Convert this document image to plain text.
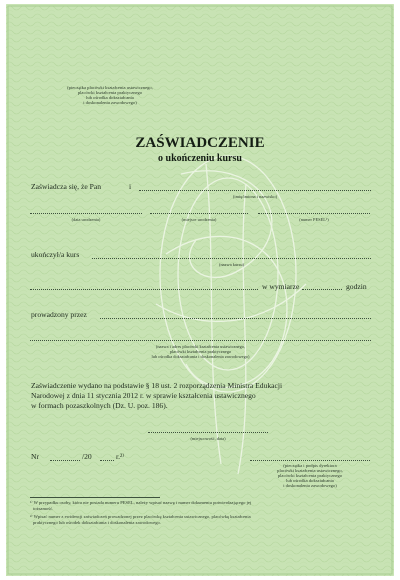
(pieczątka placówki kształcenia ustawicznego,
placówki kształcenia praktycznego
lub ośrodka dokształcania
i doskonalenia zawodowego)
ZAŚWIADCZENIE
o ukończeniu kursu
Zaświadcza się, że Pan	i
(imię/imiona i nazwisko)
(data urodzenia)	(miejsce urodzenia)	(numer PESEL¹)
ukończył/a kurs
(nazwa kursu)
w wymiarze	godzin
prowadzony przez
(nazwa i adres placówki kształcenia ustawicznego,
placówki kształcenia praktycznego
lub ośrodka dokształcania i doskonalenia zawodowego)
Zaświadczenie wydano na podstawie § 18 ust. 2 rozporządzenia Ministra Edukacji
Narodowej z dnia 11 stycznia 2012 r. w sprawie kształcenia ustawicznego
w formach pozaszkolnych (Dz. U. poz. 186).
(miejscowość, data)
Nr	/20	r.²⁾
(pieczątka i podpis dyrektora
placówki kształcenia ustawicznego,
placówki kształcenia praktycznego
lub ośrodka dokształcania
i doskonalenia zawodowego)
¹⁾ W przypadku osoby, która nie posiada numeru PESEL, należy wpisać nazwę i numer dokumentu potwierdzającego jej
tożsamość.
²⁾ Wpisać numer z ewidencji zaświadczeń prowadzonej przez placówkę kształcenia ustawicznego, placówkę kształcenia
praktycznego lub ośrodek dokształcania i doskonalenia zawodowego.
